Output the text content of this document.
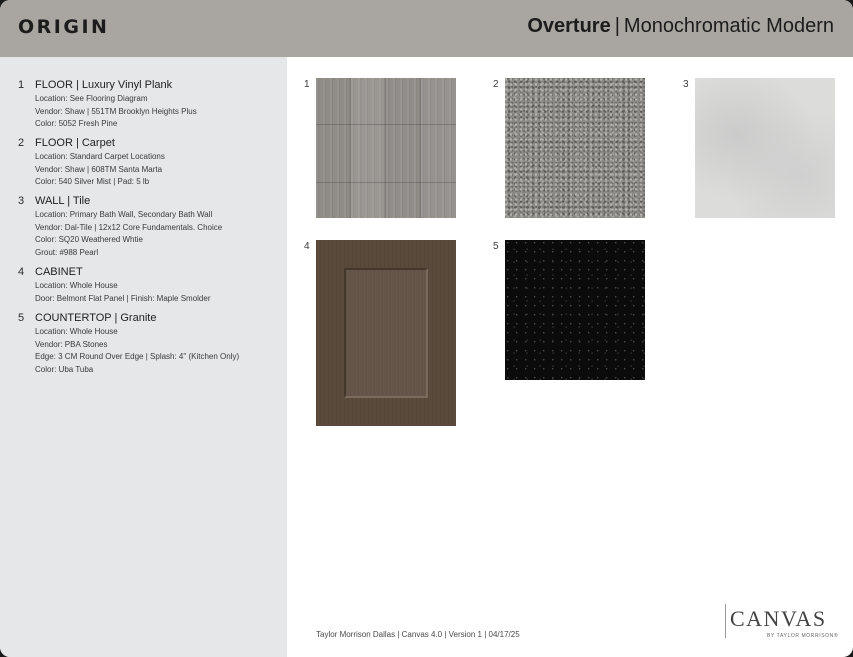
ORIGIN	Overture | Monochromatic Modern
1 FLOOR | Luxury Vinyl Plank
Location: See Flooring Diagram
Vendor: Shaw | 551TM Brooklyn Heights Plus
Color: 5052 Fresh Pine
2 FLOOR | Carpet
Location: Standard Carpet Locations
Vendor: Shaw | 608TM Santa Marta
Color: 540 Silver Mist | Pad: 5 lb
3 WALL | Tile
Location: Primary Bath Wall, Secondary Bath Wall
Vendor: Dal-Tile | 12x12 Core Fundamentals. Choice
Color: SQ20 Weathered Whtie
Grout: #988 Pearl
4 CABINET
Location: Whole House
Door: Belmont Flat Panel | Finish: Maple Smolder
5 COUNTERTOP | Granite
Location: Whole House
Vendor: PBA Stones
Edge: 3 CM Round Over Edge | Splash: 4" (Kitchen Only)
Color: Uba Tuba
1	2	3
4	5
Taylor Morrison Dallas | Canvas 4.0 | Version 1 | 04/17/25
CANVAS
BY TAYLOR MORRISON®
